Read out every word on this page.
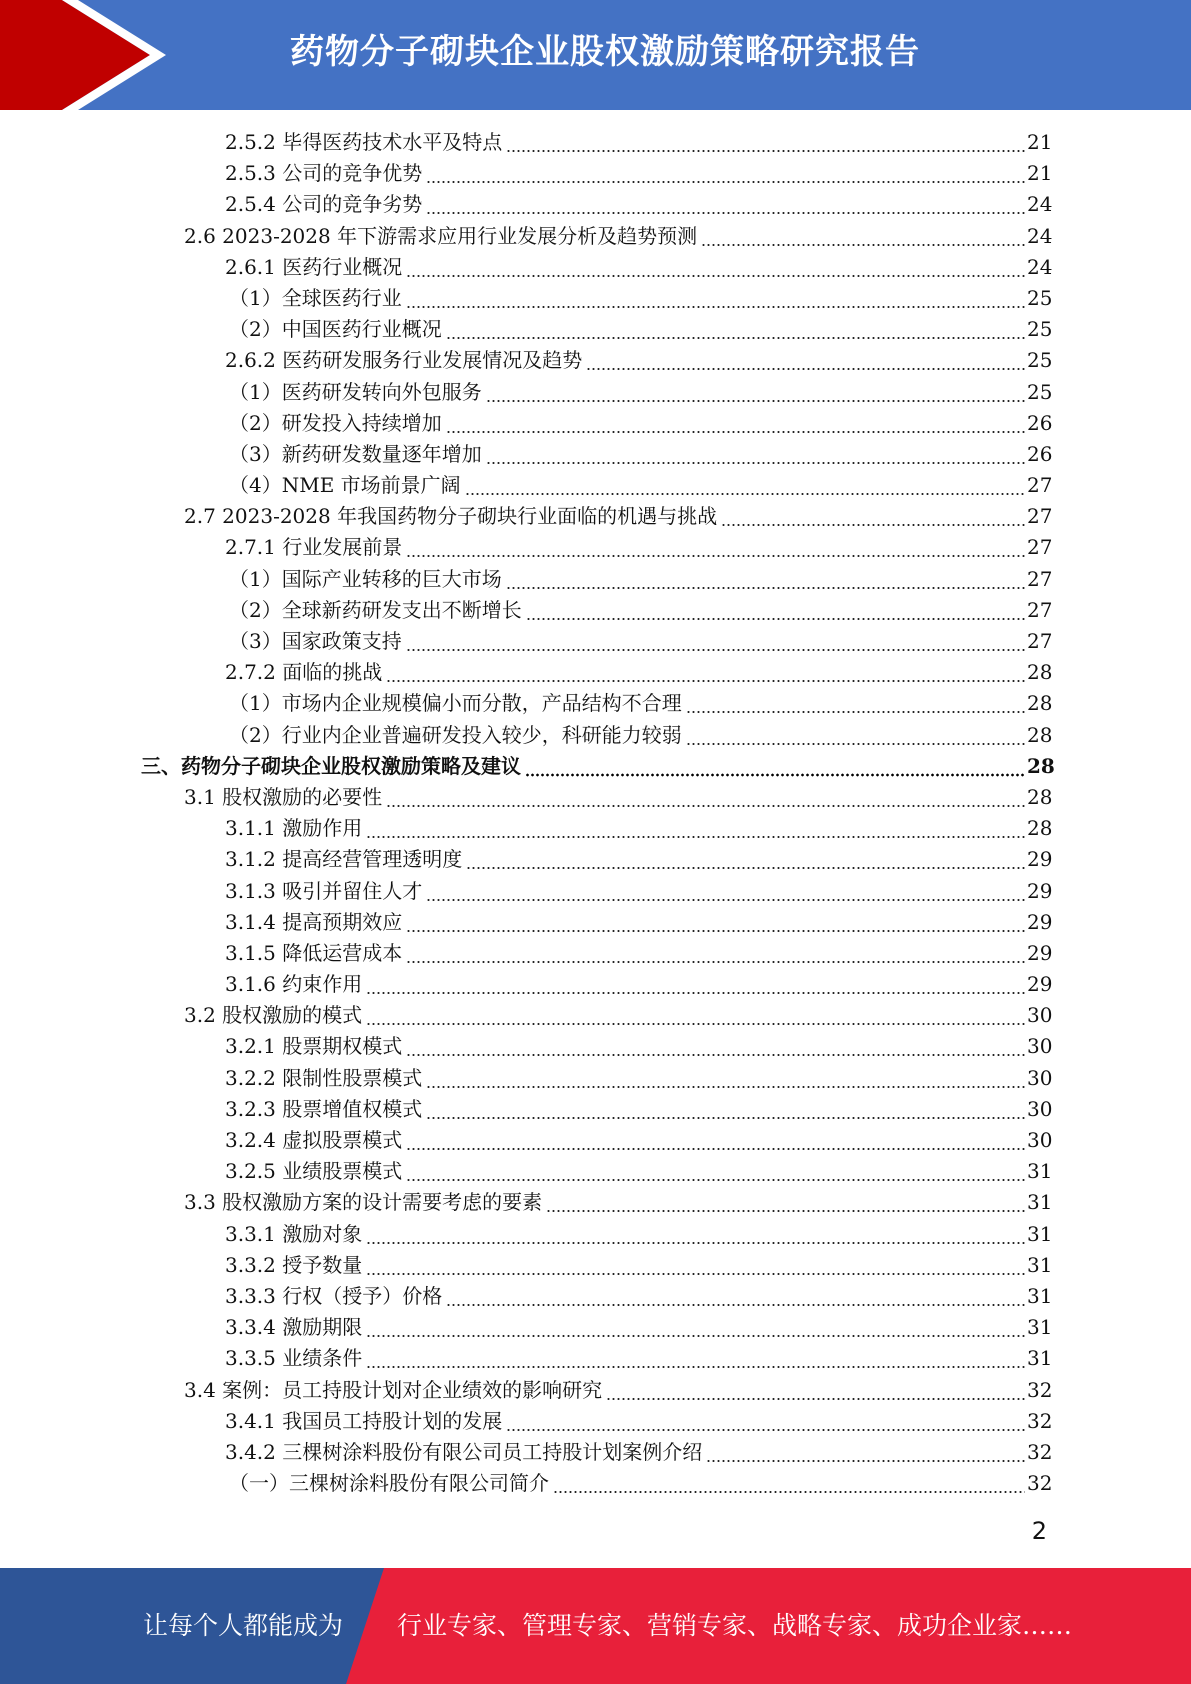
药物分子砌块企业股权激励策略研究报告
2.5.2 毕得医药技术水平及特点	21
2.5.3 公司的竞争优势	21
2.5.4 公司的竞争劣势	24
2.6 2023-2028 年下游需求应用行业发展分析及趋势预测	24
2.6.1 医药行业概况	24
（1）全球医药行业	25
（2）中国医药行业概况	25
2.6.2 医药研发服务行业发展情况及趋势	25
（1）医药研发转向外包服务	25
（2）研发投入持续增加	26
（3）新药研发数量逐年增加	26
（4）NME 市场前景广阔	27
2.7 2023-2028 年我国药物分子砌块行业面临的机遇与挑战	27
2.7.1 行业发展前景	27
（1）国际产业转移的巨大市场	27
（2）全球新药研发支出不断增长	27
（3）国家政策支持	27
2.7.2 面临的挑战	28
（1）市场内企业规模偏小而分散，产品结构不合理	28
（2）行业内企业普遍研发投入较少，科研能力较弱	28
三、药物分子砌块企业股权激励策略及建议	28
3.1 股权激励的必要性	28
3.1.1 激励作用	28
3.1.2 提高经营管理透明度	29
3.1.3 吸引并留住人才	29
3.1.4 提高预期效应	29
3.1.5 降低运营成本	29
3.1.6 约束作用	29
3.2 股权激励的模式	30
3.2.1 股票期权模式	30
3.2.2 限制性股票模式	30
3.2.3 股票增值权模式	30
3.2.4 虚拟股票模式	30
3.2.5 业绩股票模式	31
3.3 股权激励方案的设计需要考虑的要素	31
3.3.1 激励对象	31
3.3.2 授予数量	31
3.3.3 行权（授予）价格	31
3.3.4 激励期限	31
3.3.5 业绩条件	31
3.4 案例：员工持股计划对企业绩效的影响研究	32
3.4.1 我国员工持股计划的发展	32
3.4.2 三棵树涂料股份有限公司员工持股计划案例介绍	32
（一）三棵树涂料股份有限公司简介	32
2
让每个人都能成为 行业专家、管理专家、营销专家、战略专家、成功企业家……
